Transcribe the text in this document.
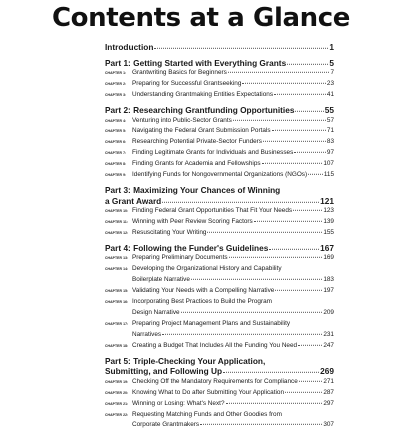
Contents at a Glance
Introduction	1
Part 1: Getting Started with Everything Grants	5
CHAPTER 1: Grantwriting Basics for Beginners	7
CHAPTER 2: Preparing for Successful Grantseeking	23
CHAPTER 3: Understanding Grantmaking Entities Expectations	41
Part 2: Researching Grantfunding Opportunities	55
CHAPTER 4: Venturing into Public-Sector Grants	57
CHAPTER 5: Navigating the Federal Grant Submission Portals	71
CHAPTER 6: Researching Potential Private-Sector Funders	83
CHAPTER 7: Finding Legitimate Grants for Individuals and Businesses	97
CHAPTER 8: Finding Grants for Academia and Fellowships	107
CHAPTER 9: Identifying Funds for Nongovernmental Organizations (NGOs)	115
Part 3: Maximizing Your Chances of Winning
a Grant Award	121
CHAPTER 10: Finding Federal Grant Opportunities That Fit Your Needs	123
CHAPTER 11: Winning with Peer Review Scoring Factors	139
CHAPTER 12: Resuscitating Your Writing	155
Part 4: Following the Funder's Guidelines	167
CHAPTER 13: Preparing Preliminary Documents	169
CHAPTER 14: Developing the Organizational History and Capability
Boilerplate Narrative	183
CHAPTER 15: Validating Your Needs with a Compelling Narrative	197
CHAPTER 16: Incorporating Best Practices to Build the Program
Design Narrative	209
CHAPTER 17: Preparing Project Management Plans and Sustainability
Narratives	231
CHAPTER 18: Creating a Budget That Includes All the Funding You Need	247
Part 5: Triple-Checking Your Application,
Submitting, and Following Up	269
CHAPTER 19: Checking Off the Mandatory Requirements for Compliance	271
CHAPTER 20: Knowing What to Do after Submitting Your Application	287
CHAPTER 21: Winning or Losing: What's Next?	297
CHAPTER 22: Requesting Matching Funds and Other Goodies from
Corporate Grantmakers	307
